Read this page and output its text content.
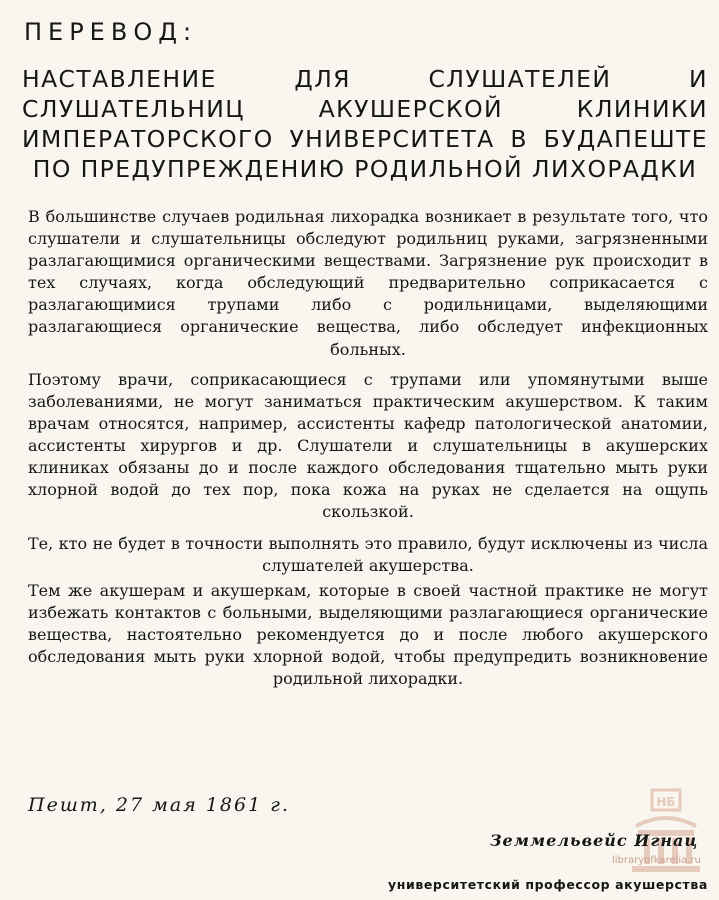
ПЕРЕВОД:
НАСТАВЛЕНИЕ ДЛЯ СЛУШАТЕЛЕЙ И СЛУШАТЕЛЬНИЦ АКУШЕРСКОЙ КЛИНИКИ ИМПЕРАТОРСКОГО УНИВЕРСИТЕТА В БУДАПЕШТЕ ПО ПРЕДУПРЕЖДЕНИЮ РОДИЛЬНОЙ ЛИХОРАДКИ

В большинстве случаев родильная лихорадка возникает в результате того, что слушатели и слушательницы обследуют родильниц руками, загрязненными разлагающимися органическими веществами. Загрязнение рук происходит в тех случаях, когда обследующий предварительно соприкасается с разлагающимися трупами либо с родильницами, выделяющими разлагающиеся органические вещества, либо обследует инфекционных больных.

Поэтому врачи, соприкасающиеся с трупами или упомянутыми выше заболеваниями, не могут заниматься практическим акушерством. К таким врачам относятся, например, ассистенты кафедр патологической анатомии, ассистенты хирургов и др. Слушатели и слушательницы в акушерских клиниках обязаны до и после каждого обследования тщательно мыть руки хлорной водой до тех пор, пока кожа на руках не сделается на ощупь скользкой.

Те, кто не будет в точности выполнять это правило, будут исключены из числа слушателей акушерства.

Тем же акушерам и акушеркам, которые в своей частной практике не могут избежать контактов с больными, выделяющими разлагающиеся органические вещества, настоятельно рекомендуется до и после любого акушерского обследования мыть руки хлорной водой, чтобы предупредить возникновение родильной лихорадки.

Пешт, 27 мая 1861 г.	НБ
libraryofkarelia.ru
Земмельвейс Игнац
университетский профессор акушерства
